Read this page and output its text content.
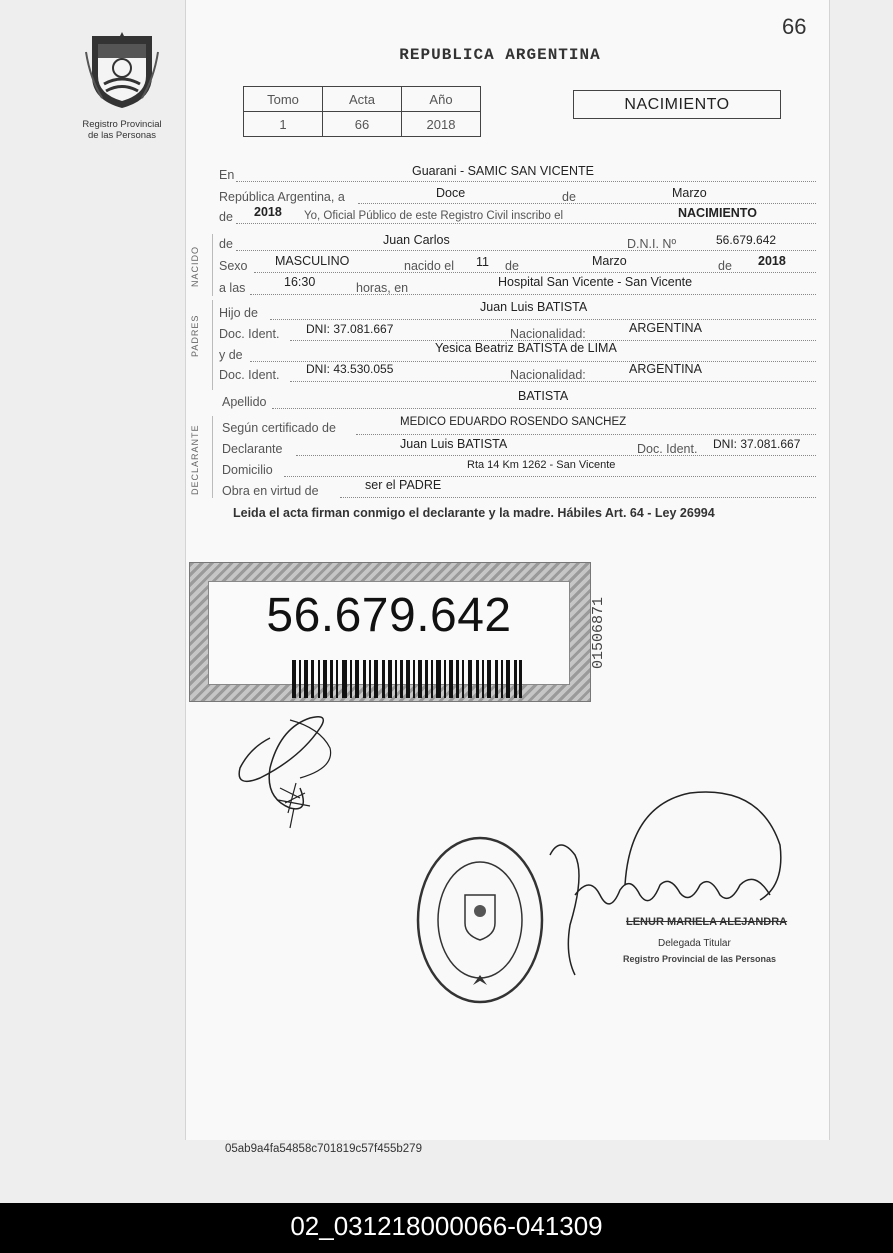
66
Registro Provincial
de las Personas
REPUBLICA ARGENTINA
Tomo	Acta	Año
1	66	2018
NACIMIENTO
NACIDO
PADRES
DECLARANTE
En	Guarani - SAMIC SAN VICENTE
República Argentina, a	Doce	de	Marzo
de 2018 Yo, Oficial Público de este Registro Civil inscribo el	NACIMIENTO
de	Juan Carlos	D.N.I. Nº	56.679.642
Sexo MASCULINO	nacido el 11 de	Marzo	de 2018
a las	16:30	horas, en	Hospital San Vicente - San Vicente
Hijo de	Juan Luis BATISTA
Doc. Ident. DNI: 37.081.667	Nacionalidad:	ARGENTINA
y de	Yesica Beatriz BATISTA de LIMA
Doc. Ident. DNI: 43.530.055	Nacionalidad:	ARGENTINA
Apellido	BATISTA
Según certificado de	MEDICO EDUARDO ROSENDO SANCHEZ
Declarante	Juan Luis BATISTA	Doc. Ident. DNI: 37.081.667
Domicilio	Rta 14 Km 1262 - San Vicente
Obra en virtud de	ser el PADRE
Leida el acta firman conmigo el declarante y la madre. Hábiles Art. 64 - Ley 26994
56.679.642	01506871
LENUR MARIELA ALEJANDRA
Delegada Titular
Registro Provincial de las Personas
05ab9a4fa54858c701819c57f455b279
02_031218000066-041309
